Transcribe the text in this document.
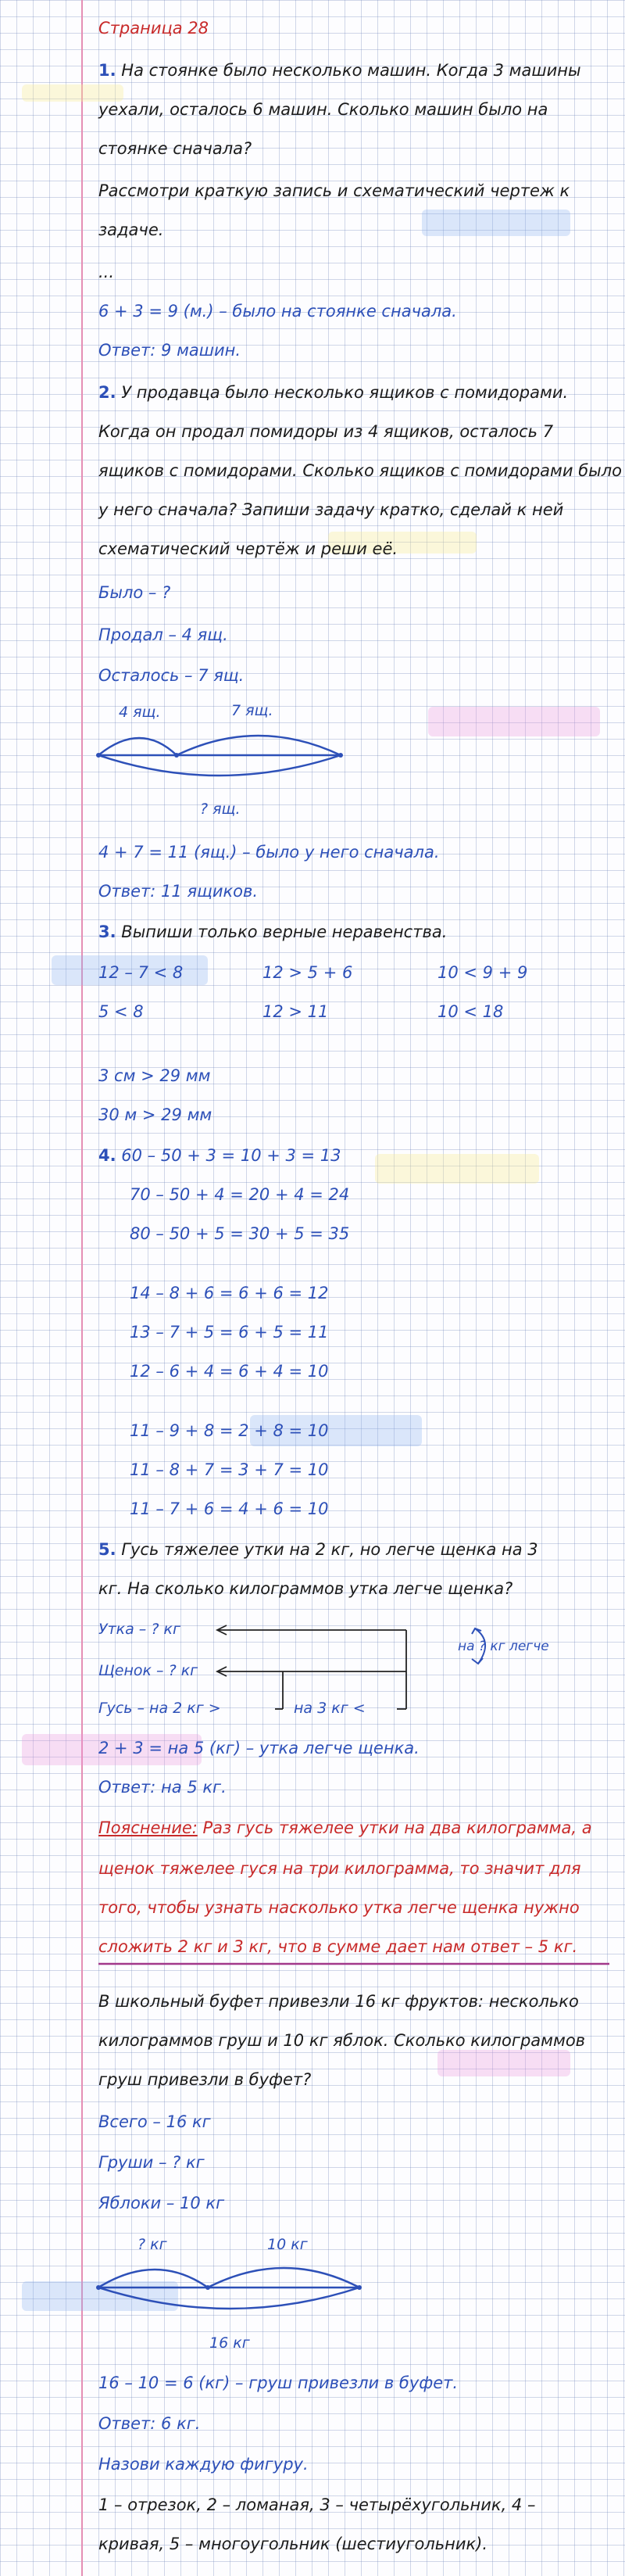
Страница 28
1. На стоянке было несколько машин. Когда 3 машины
уехали, осталось 6 машин. Сколько машин было на
стоянке сначала?
Рассмотри краткую запись и схематический чертеж к
задаче.
...
6 + 3 = 9 (м.) – было на стоянке сначала.
Ответ: 9 машин.
2. У продавца было несколько ящиков с помидорами.
Когда он продал помидоры из 4 ящиков, осталось 7
ящиков с помидорами. Сколько ящиков с помидорами было
у него сначала? Запиши задачу кратко, сделай к ней
схематический чертёж и реши её.
Было – ?
Продал – 4 ящ.
Осталось – 7 ящ.
4 ящ.	7 ящ.
? ящ.
4 + 7 = 11 (ящ.) – было у него сначала.
Ответ: 11 ящиков.
3. Выпиши только верные неравенства.
12 – 7 < 8	12 > 5 + 6	10 < 9 + 9
5 < 8	12 > 11	10 < 18
3 см > 29 мм
30 м > 29 мм
4. 60 – 50 + 3 = 10 + 3 = 13
70 – 50 + 4 = 20 + 4 = 24
80 – 50 + 5 = 30 + 5 = 35
14 – 8 + 6 = 6 + 6 = 12
13 – 7 + 5 = 6 + 5 = 11
12 – 6 + 4 = 6 + 4 = 10
11 – 9 + 8 = 2 + 8 = 10
11 – 8 + 7 = 3 + 7 = 10
11 – 7 + 6 = 4 + 6 = 10
5. Гусь тяжелее утки на 2 кг, но легче щенка на 3
кг. На сколько килограммов утка легче щенка?
Утка – ? кг
Щенок – ? кг
Гусь – на 2 кг >	на 3 кг <
на ? кг легче
2 + 3 = на 5 (кг) – утка легче щенка.
Ответ: на 5 кг.
Пояснение: Раз гусь тяжелее утки на два килограмма, а
щенок тяжелее гуся на три килограмма, то значит для
того, чтобы узнать насколько утка легче щенка нужно
сложить 2 кг и 3 кг, что в сумме дает нам ответ – 5 кг.
В школьный буфет привезли 16 кг фруктов: несколько
килограммов груш и 10 кг яблок. Сколько килограммов
груш привезли в буфет?
Всего – 16 кг
Груши – ? кг
Яблоки – 10 кг
? кг	10 кг
16 кг
16 – 10 = 6 (кг) – груш привезли в буфет.
Ответ: 6 кг.
Назови каждую фигуру.
1 – отрезок, 2 – ломаная, 3 – четырёхугольник, 4 –
кривая, 5 – многоугольник (шестиугольник).
